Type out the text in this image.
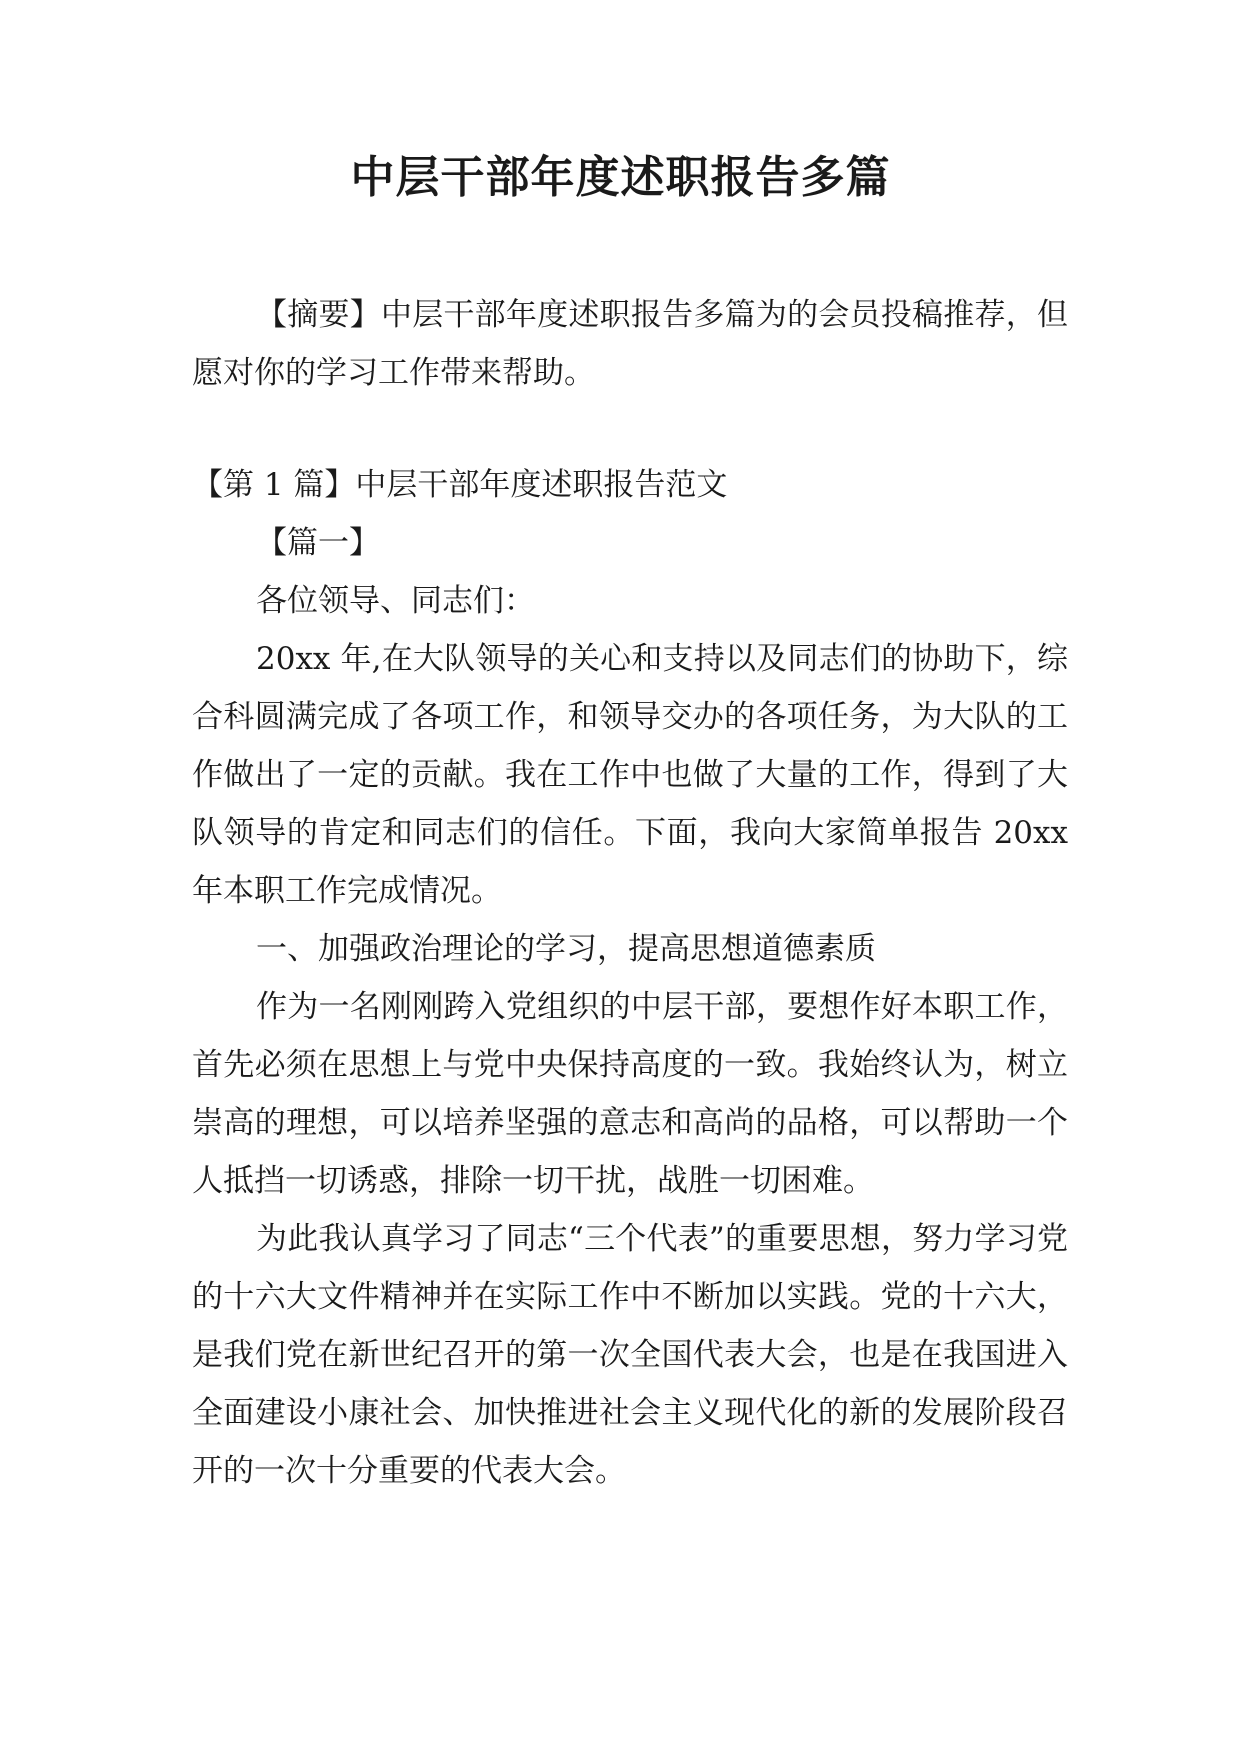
中层干部年度述职报告多篇

【摘要】中层干部年度述职报告多篇为的会员投稿推荐，但愿对你的学习工作带来帮助。

【第 1 篇】中层干部年度述职报告范文

【篇一】

各位领导、同志们：

20xx 年,在大队领导的关心和支持以及同志们的协助下，综合科圆满完成了各项工作，和领导交办的各项任务，为大队的工作做出了一定的贡献。我在工作中也做了大量的工作，得到了大队领导的肯定和同志们的信任。下面，我向大家简单报告 20xx 年本职工作完成情况。

一、加强政治理论的学习，提高思想道德素质

作为一名刚刚跨入党组织的中层干部，要想作好本职工作，首先必须在思想上与党中央保持高度的一致。我始终认为，树立崇高的理想，可以培养坚强的意志和高尚的品格，可以帮助一个人抵挡一切诱惑，排除一切干扰，战胜一切困难。

为此我认真学习了同志“三个代表”的重要思想，努力学习党的十六大文件精神并在实际工作中不断加以实践。党的十六大，是我们党在新世纪召开的第一次全国代表大会，也是在我国进入全面建设小康社会、加快推进社会主义现代化的新的发展阶段召开的一次十分重要的代表大会。
